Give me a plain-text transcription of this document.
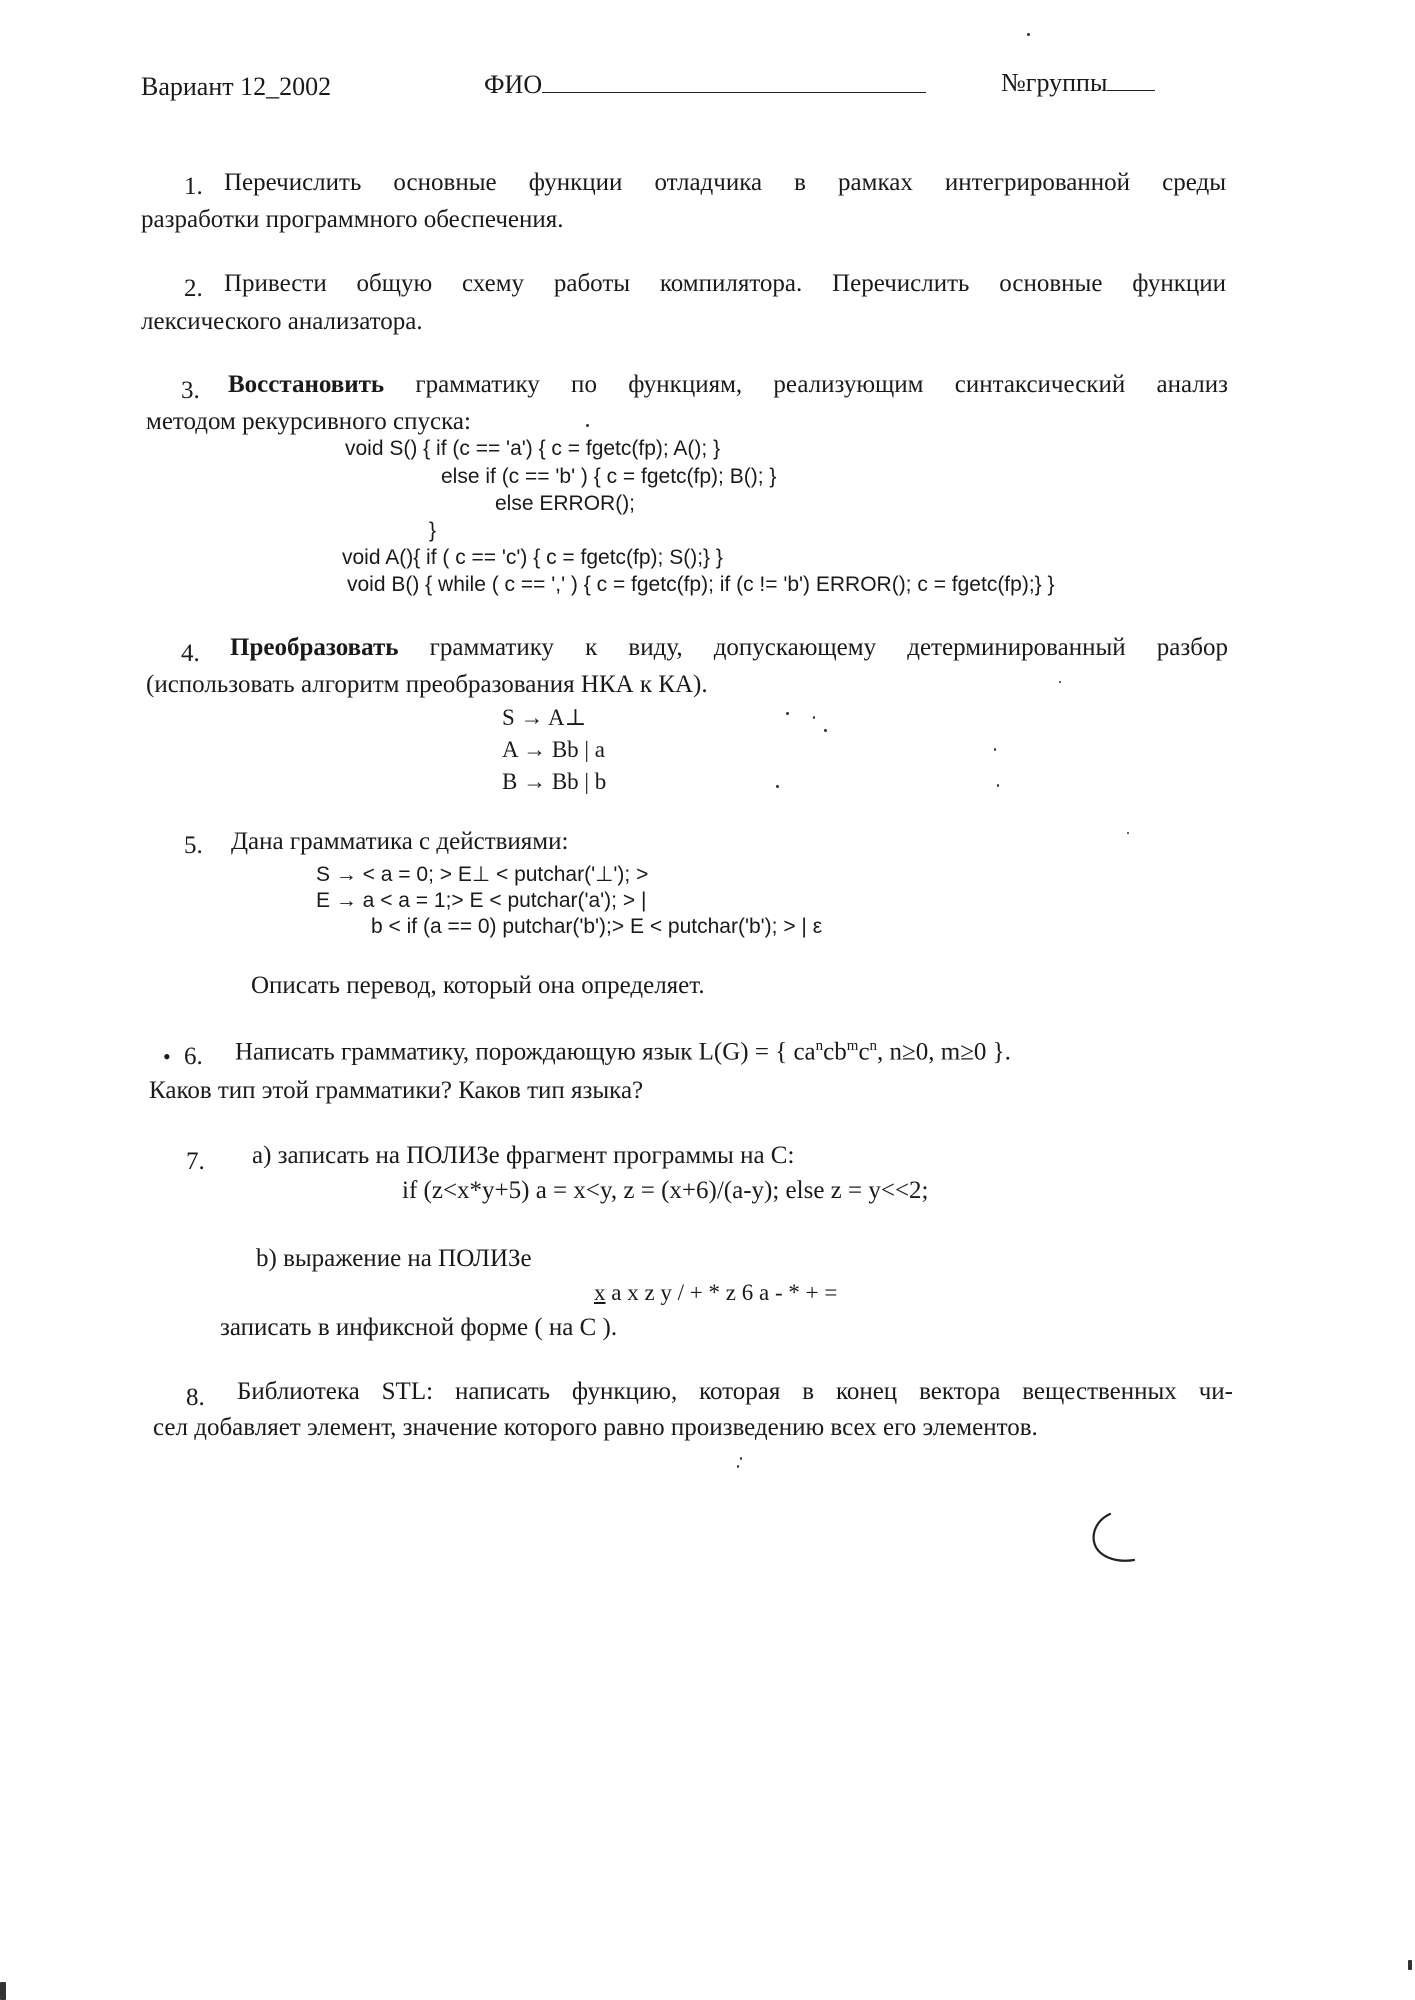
Вариант 12_2002	ФИО	№группы
1. Перечислить основные функции отладчика в рамках интегрированной среды
разработки программного обеспечения.
2. Привести общую схему работы компилятора. Перечислить основные функции
лексического анализатора.
3. Восстановить грамматику по функциям, реализующим синтаксический анализ
методом рекурсивного спуска:
void S() { if (c == 'a') { c = fgetc(fp); A(); }
else if (c == 'b' ) { c = fgetc(fp); B(); }
else ERROR();
}
void A(){ if ( c == 'c') { c = fgetc(fp); S();} }
void B() { while ( c == ',' ) { c = fgetc(fp); if (c != 'b') ERROR(); c = fgetc(fp);} }
4. Преобразовать грамматику к виду, допускающему детерминированный разбор
(использовать алгоритм преобразования НКА к КА).
S → A⊥
A → Bb | a
B → Bb | b
5. Дана грамматика с действиями:
S → < a = 0; > E⊥ < putchar('⊥'); >
E → a < a = 1;> E < putchar('a'); > |
b < if (a == 0) putchar('b');> E < putchar('b'); > | ε
Описать перевод, который она определяет.
• 6. Написать грамматику, порождающую язык L(G) = { $ca^ncb^mc^n$, n≥0, m≥0 }.
Каков тип этой грамматики? Каков тип языка?
7. a) записать на ПОЛИЗе фрагмент программы на С:
if (z<x*y+5) a = x<y, z = (x+6)/(a-y); else z = y<<2;
b) выражение на ПОЛИЗе
x a x z y / + * z 6 a - * + =
записать в инфиксной форме ( на С ).
8. Библиотека STL: написать функцию, которая в конец вектора вещественных чи-
сел добавляет элемент, значение которого равно произведению всех его элементов.
